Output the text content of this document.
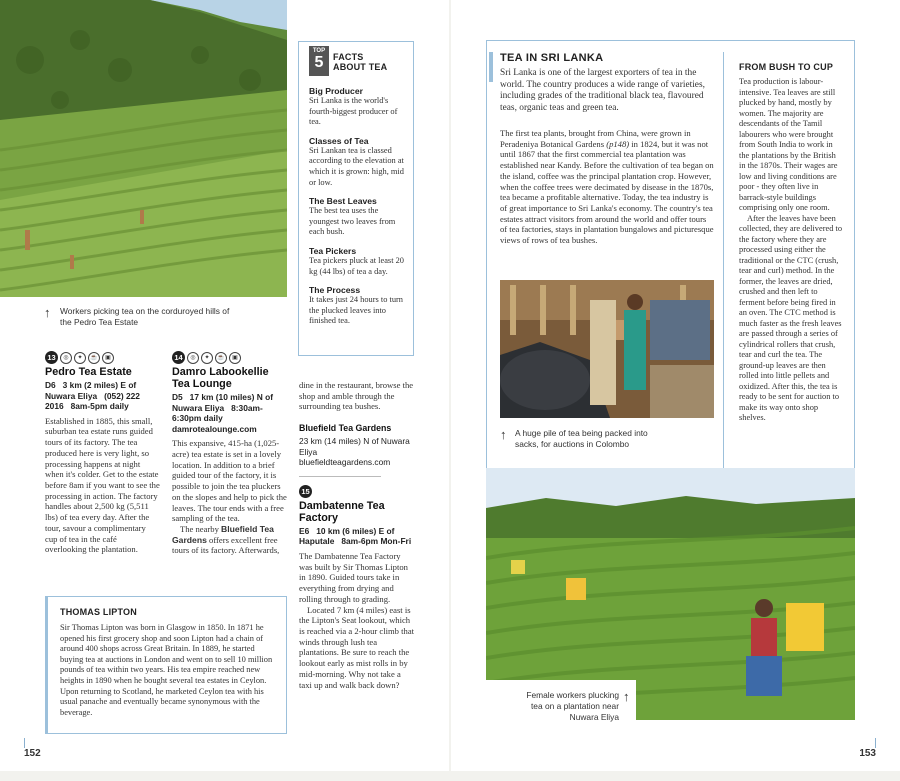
↑ Workers picking tea on the corduroyed hills of the Pedro Tea Estate
TOP
5	FACTS
ABOUT TEA
Big Producer
Sri Lanka is the world's fourth-biggest producer of tea.
Classes of Tea
Sri Lankan tea is classed according to the elevation at which it is grown: high, mid or low.
The Best Leaves
The best tea uses the youngest two leaves from each bush.
Tea Pickers
Tea pickers pluck at least 20 kg (44 lbs) of tea a day.
The Process
It takes just 24 hours to turn the plucked leaves into finished tea.
13	◎	✦	☕	▣
Pedro Tea Estate
D6   3 km (2 miles) E of Nuwara Eliya   (052) 222 2016   8am-5pm daily
Established in 1885, this small, suburban tea estate runs guided tours of its factory. The tea produced here is very light, so processing happens at night when it's colder. Get to the estate before 8am if you want to see the processing in action. The factory handles about 2,500 kg (5,511 lbs) of tea every day. After the tour, savour a complimentary cup of tea in the café overlooking the plantation.
14	◎	✦	☕	▣
Damro Labookellie Tea Lounge
D5   17 km (10 miles) N of Nuwara Eliya   8:30am-6:30pm daily   damrotealounge.com
This expansive, 415-ha (1,025-acre) tea estate is set in a lovely location. In addition to a brief guided tour of the factory, it is possible to join the tea pluckers on the slopes and help to pick the leaves. The tour ends with a free sampling of the tea.
The nearby Bluefield Tea Gardens offers excellent free tours of its factory. Afterwards,
dine in the restaurant, browse the shop and amble through the surrounding tea bushes.
Bluefield Tea Gardens
23 km (14 miles) N of Nuwara Eliya   bluefieldteagardens.com
15
Dambatenne Tea Factory
E6   10 km (6 miles) E of Haputale   8am-6pm Mon-Fri
The Dambatenne Tea Factory was built by Sir Thomas Lipton in 1890. Guided tours take in everything from drying and rolling through to grading.
Located 7 km (4 miles) east is the Lipton's Seat lookout, which is reached via a 2-hour climb that winds through lush tea plantations. Be sure to reach the lookout early as mist rolls in by mid-morning. Why not take a taxi up and walk back down?
THOMAS LIPTON
Sir Thomas Lipton was born in Glasgow in 1850. In 1871 he opened his first grocery shop and soon Lipton had a chain of around 400 shops across Great Britain. In 1889, he started buying tea at auctions in London and went on to sell 10 million pounds of tea within two years. His tea empire reached new heights in 1890 when he bought several tea estates in Ceylon. Upon returning to Scotland, he marketed Ceylon tea with his usual panache and eventually became synonymous with the beverage.
152
TEA IN SRI LANKA
Sri Lanka is one of the largest exporters of tea in the world. The country produces a wide range of varieties, including grades of the traditional black tea, flavoured teas, organic teas and green tea.
The first tea plants, brought from China, were grown in Peradeniya Botanical Gardens (p148) in 1824, but it was not until 1867 that the first commercial tea plantation was established near Kandy. Before the cultivation of tea began on the island, coffee was the principal plantation crop. However, when the coffee trees were decimated by disease in the 1870s, tea became a profitable alternative. Today, the tea industry is of great importance to Sri Lanka's economy. The country's tea estates attract visitors from around the world and offer tours of tea factories, stays in plantation bungalows and picturesque views of rows of tea bushes.
↑ A huge pile of tea being packed into sacks, for auctions in Colombo
FROM BUSH TO CUP
Tea production is labour-intensive. Tea leaves are still plucked by hand, mostly by women. The majority are descendants of the Tamil labourers who were brought from South India to work in the plantations by the British in the 1870s. Their wages are low and living conditions are poor - they often live in barrack-style buildings comprising only one room.
After the leaves have been collected, they are delivered to the factory where they are processed using either the traditional or the CTC (crush, tear and curl) method. In the former, the leaves are dried, crushed and then left to ferment before being fired in an oven. The CTC method is much faster as the fresh leaves are passed through a series of cylindrical rollers that crush, tear and curl the tea. The ground-up leaves are then rolled into little pellets and oxidized. After this, the tea is ready to be sent for auction to make its way onto shop shelves.
Female workers plucking tea on a plantation near Nuwara Eliya
↑
153
